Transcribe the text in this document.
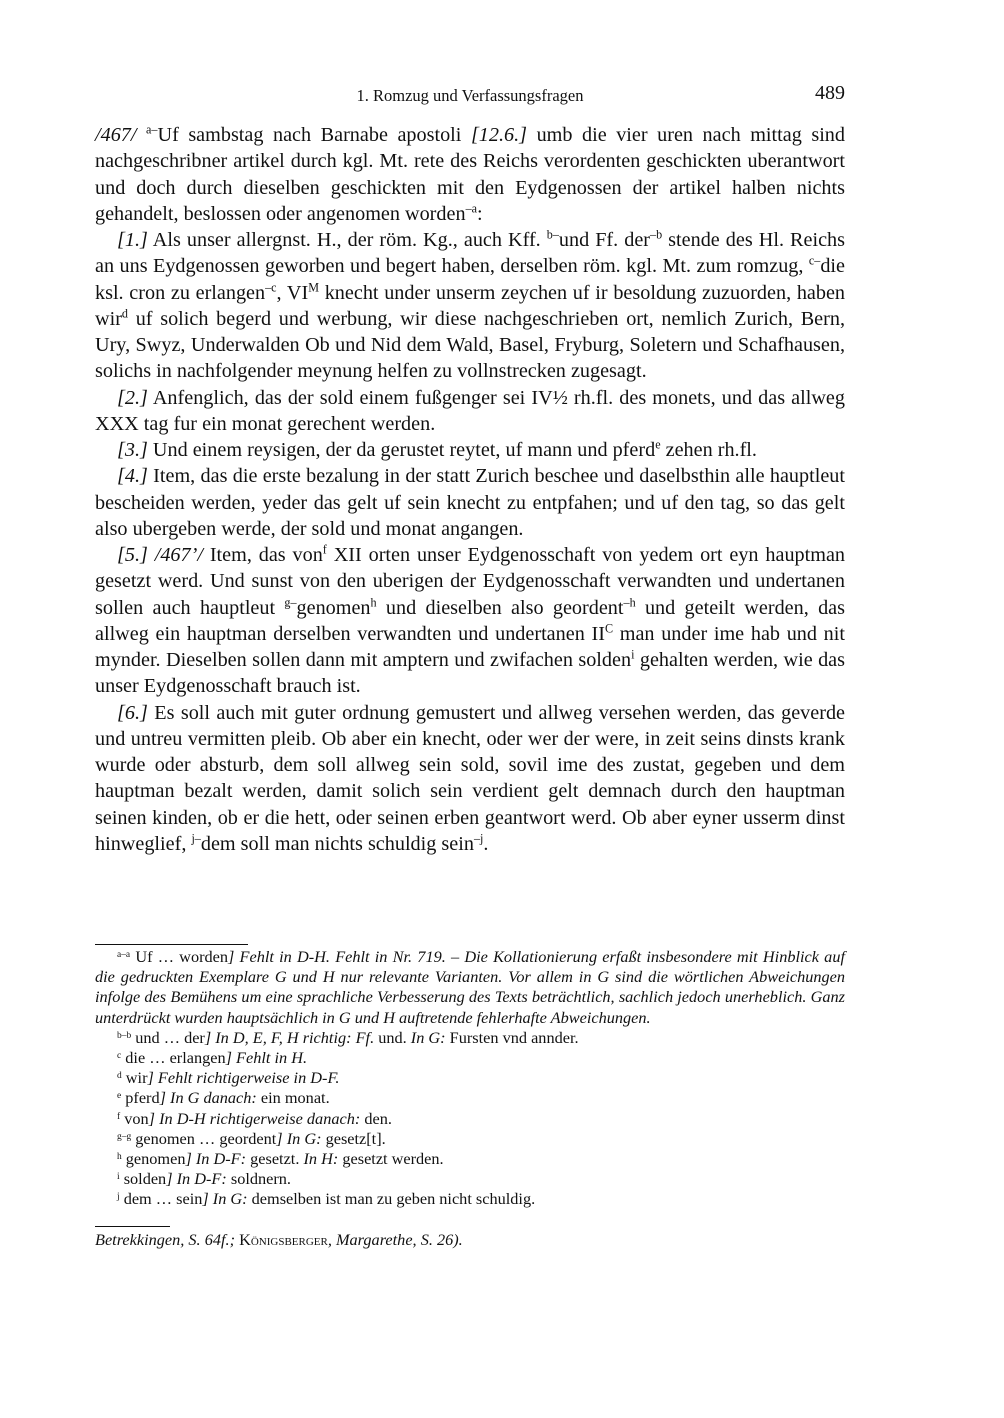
1. Romzug und Verfassungsfragen	489

/467/ $^{a-}$Uf sambstag nach Barnabe apostoli [12.6.] umb die vier uren nach mittag sind nachgeschribner artikel durch kgl. Mt. rete des Reichs verordenten geschickten uberantwort und doch durch dieselben geschickten mit den Eydgenossen der artikel halben nichts gehandelt, beslossen oder angenomen worden$^{-a}$:

[1.] Als unser allergnst. H., der röm. Kg., auch Kff. $^{b-}$und Ff. der$^{-b}$ stende des Hl. Reichs an uns Eydgenossen geworben und begert haben, derselben röm. kgl. Mt. zum romzug, $^{c-}$die ksl. cron zu erlangen$^{-c}$, $VI^M$ knecht under unserm zeychen uf ir besoldung zuzuorden, haben wir$^d$ uf solich begerd und werbung, wir diese nachgeschrieben ort, nemlich Zurich, Bern, Ury, Swyz, Underwalden Ob und Nid dem Wald, Basel, Fryburg, Soletern und Schafhausen, solichs in nachfolgender meynung helfen zu vollnstrecken zugesagt.

[2.] Anfenglich, das der sold einem fußgenger sei IV½ rh.fl. des monets, und das allweg XXX tag fur ein monat gerechent werden.

[3.] Und einem reysigen, der da gerustet reytet, uf mann und pferd$^e$ zehen rh.fl.

[4.] Item, das die erste bezalung in der statt Zurich beschee und daselbsthin alle hauptleut bescheiden werden, yeder das gelt uf sein knecht zu entpfahen; und uf den tag, so das gelt also ubergeben werde, der sold und monat angangen.

[5.] /467’/ Item, das von$^f$ XII orten unser Eydgenosschaft von yedem ort eyn hauptman gesetzt werd. Und sunst von den uberigen der Eydgenosschaft verwandten und undertanen sollen auch hauptleut $^{g-}$genomen$^h$ und dieselben also geordent$^{-h}$ und geteilt werden, das allweg ein hauptman derselben verwandten und undertanen $II^C$ man under ime hab und nit mynder. Dieselben sollen dann mit amptern und zwifachen solden$^i$ gehalten werden, wie das unser Eydgenosschaft brauch ist.

[6.] Es soll auch mit guter ordnung gemustert und allweg versehen werden, das geverde und untreu vermitten pleib. Ob aber ein knecht, oder wer der were, in zeit seins dinsts krank wurde oder absturb, dem soll allweg sein sold, sovil ime des zustat, gegeben und dem hauptman bezalt werden, damit solich sein verdient gelt demnach durch den hauptman seinen kinden, ob er die hett, oder seinen erben geantwort werd. Ob aber eyner usserm dinst hinweglief, $^{j-}$dem soll man nichts schuldig sein$^{-j}$.

$^{a-a}$ Uf … worden] Fehlt in D-H. Fehlt in Nr. 719. – Die Kollationierung erfaßt insbesondere mit Hinblick auf die gedruckten Exemplare G und H nur relevante Varianten. Vor allem in G sind die wörtlichen Abweichungen infolge des Bemühens um eine sprachliche Verbesserung des Texts beträchtlich, sachlich jedoch unerheblich. Ganz unterdrückt wurden hauptsächlich in G und H auftretende fehlerhafte Abweichungen.

$^{b-b}$ und … der] In D, E, F, H richtig: Ff. und. In G: Fursten vnd annder.

$^c$ die … erlangen] Fehlt in H.

$^d$ wir] Fehlt richtigerweise in D-F.

$^e$ pferd] In G danach: ein monat.

$^f$ von] In D-H richtigerweise danach: den.

$^{g-g}$ genomen … geordent] In G: gesetz[t].

$^h$ genomen] In D-F: gesetzt. In H: gesetzt werden.

$^i$ solden] In D-F: soldnern.

$^j$ dem … sein] In G: demselben ist man zu geben nicht schuldig.

Betrekkingen, S. 64f.; Königsberger, Margarethe, S. 26).
